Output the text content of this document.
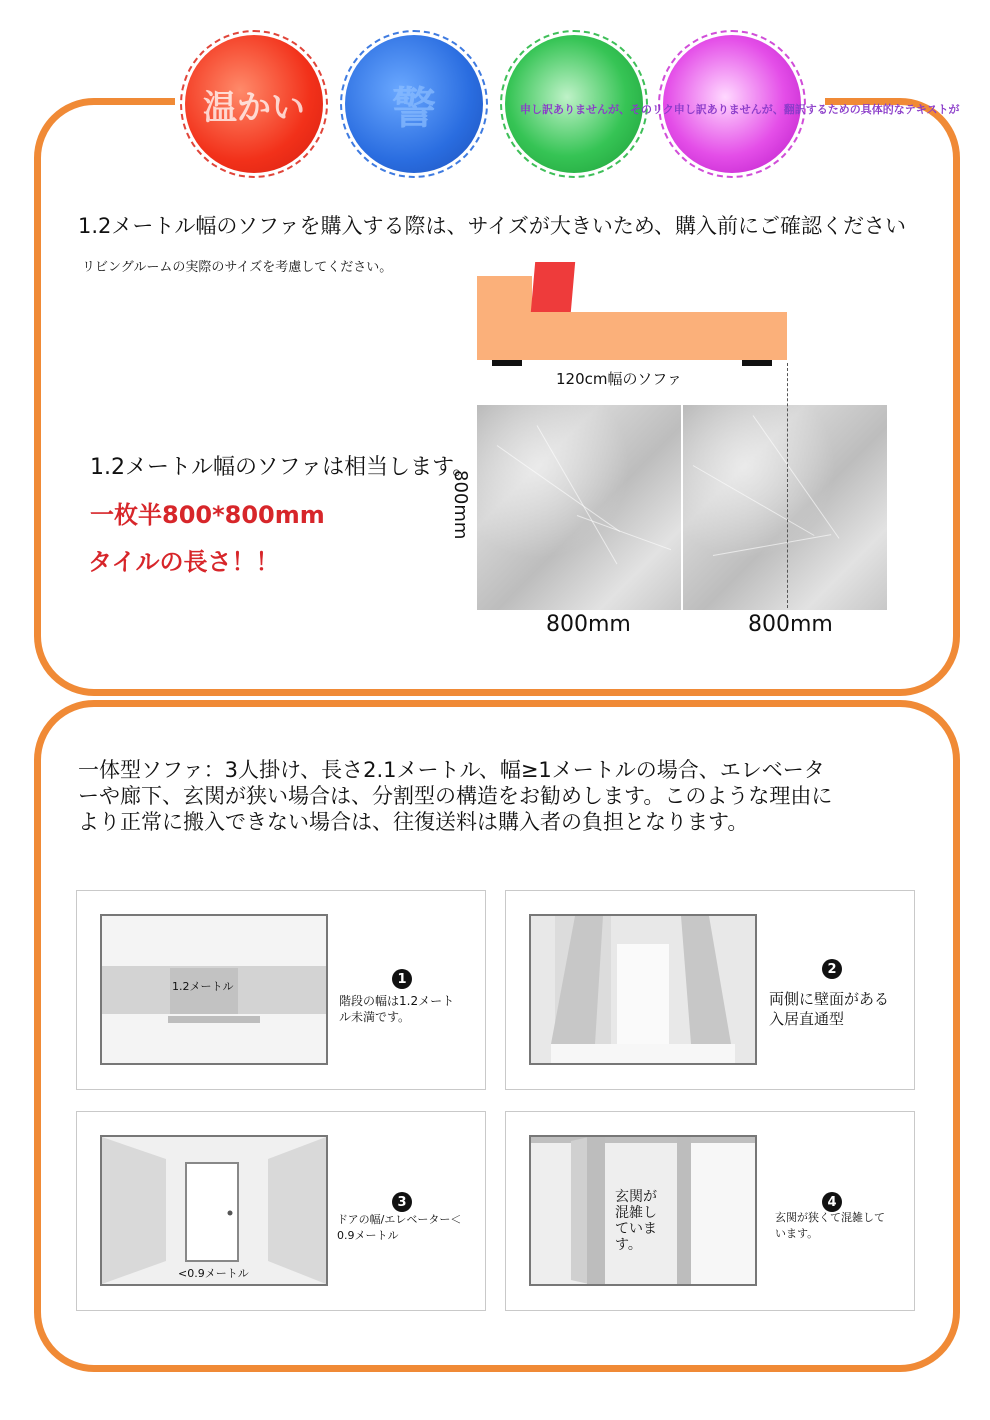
温かい 警	申し訳ありませんが、そのリク申し訳ありませんが、翻訳するための具体的なテキストが
1.2メートル幅のソファを購入する際は、サイズが大きいため、購入前にご確認ください
リビングルームの実際のサイズを考慮してください。
120cm幅のソファ
1.2メートル幅のソファは相当します。
一枚半800*800mm
タイルの長さ！！
800mm
800mm	800mm
一体型ソファ：3人掛け、長さ2.1メートル、幅≥1メートルの場合、エレベーターや廊下、玄関が狭い場合は、分割型の構造をお勧めします。このような理由により正常に搬入できない場合は、往復送料は購入者の負担となります。
1.2メートル	1
階段の幅は1.2メートル未満です。
2
両側に壁面がある入居直通型
<0.9メートル
3
ドアの幅/エレベーター＜0.9メートル
玄関が混雑しています。
4
玄関が狭くて混雑しています。
